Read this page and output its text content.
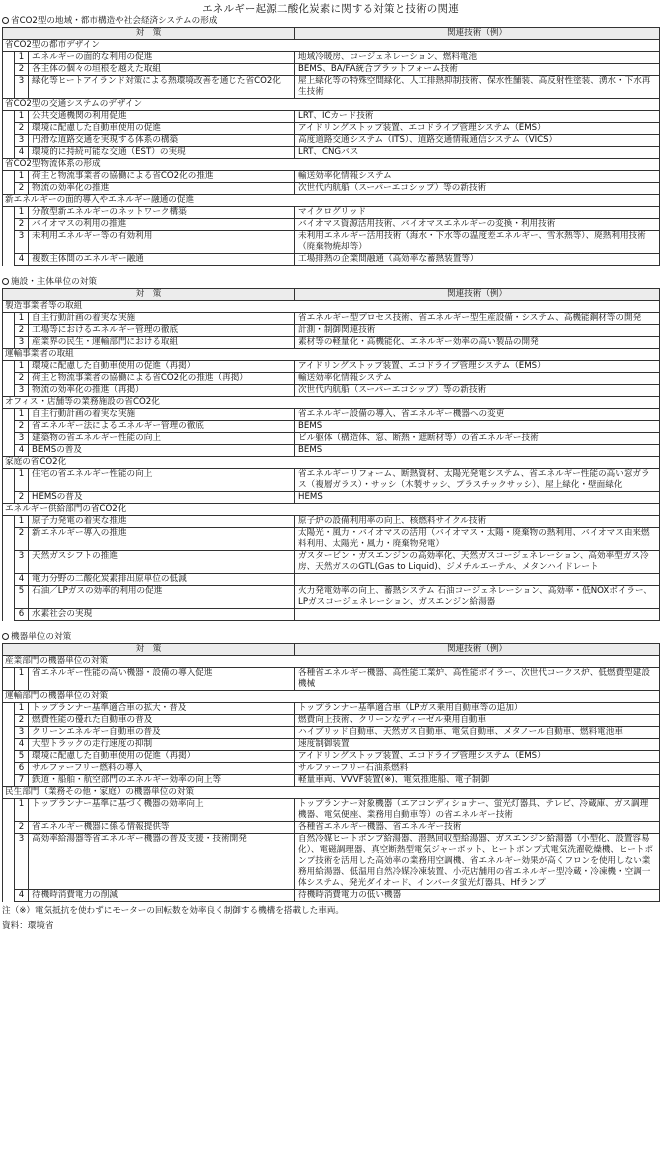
エネルギー起源二酸化炭素に関する対策と技術の関連
省CO2型の地域・都市構造や社会経済システムの形成
対　策			関連技術（例）
省CO2型の都市デザイン			
	1	エネルギーの面的な利用の促進	地域冷暖房、コージェネレーション、燃料電池
	2	各主体の個々の垣根を越えた取組	BEMS、BA/FA統合プラットフォーム技術
	3	緑化等ヒートアイランド対策による熱環境改善を通じた省CO2化	屋上緑化等の特殊空間緑化、人工排熱抑制技術、保水性舗装、高反射性塗装、湧水・下水再生技術
省CO2型の交通システムのデザイン			
	1	公共交通機関の利用促進	LRT、ICカード技術
	2	環境に配慮した自動車使用の促進	アイドリングストップ装置、エコドライブ管理システム（EMS）
	3	円滑な道路交通を実現する体系の構築	高度道路交通システム（ITS）、道路交通情報通信システム（VICS）
	4	環境的に持続可能な交通（EST）の実現	LRT、CNGバス
省CO2型物流体系の形成			
	1	荷主と物流事業者の協働による省CO2化の推進	輸送効率化情報システム
	2	物流の効率化の推進	次世代内航船（スーパーエコシップ）等の新技術
新エネルギーの面的導入やエネルギー融通の促進			
	1	分散型新エネルギーのネットワーク構築	マイクログリッド
	2	バイオマスの利用の推進	バイオマス資源活用技術、バイオマスエネルギーの変換・利用技術
	3	未利用エネルギー等の有効利用	未利用エネルギー活用技術（海水・下水等の温度差エネルギー、雪氷熱等）、廃熱利用技術（廃棄物焼却等）
	4	複数主体間のエネルギー融通	工場排熱の企業間融通（高効率な蓄熱装置等）
施設・主体単位の対策
対　策			関連技術（例）
製造事業者等の取組			
	1	自主行動計画の着実な実施	省エネルギー型プロセス技術、省エネルギー型生産設備・システム、高機能鋼材等の開発
	2	工場等におけるエネルギー管理の徹底	計測・制御関連技術
	3	産業界の民生・運輸部門における取組	素材等の軽量化・高機能化、エネルギー効率の高い製品の開発
運輸事業者の取組			
	1	環境に配慮した自動車使用の促進（再掲）	アイドリングストップ装置、エコドライブ管理システム（EMS）
	2	荷主と物流事業者の協働による省CO2化の推進（再掲）	輸送効率化情報システム
	3	物流の効率化の推進（再掲）	次世代内航船（スーパーエコシップ）等の新技術
オフィス・店舗等の業務施設の省CO2化			
	1	自主行動計画の着実な実施	省エネルギー設備の導入、省エネルギー機器への変更
	2	省エネルギー法によるエネルギー管理の徹底	BEMS
	3	建築物の省エネルギー性能の向上	ビル躯体（構造体、窓、断熱・遮断材等）の省エネルギー技術
	4	BEMSの普及	BEMS
家庭の省CO2化			
	1	住宅の省エネルギー性能の向上	省エネルギーリフォーム、断熱資材、太陽光発電システム、省エネルギー性能の高い窓ガラス（複層ガラス）・サッシ（木製サッシ、プラスチックサッシ）、屋上緑化・壁面緑化
	2	HEMSの普及	HEMS
エネルギー供給部門の省CO2化			
	1	原子力発電の着実な推進	原子炉の設備利用率の向上、核燃料サイクル技術
	2	新エネルギー導入の推進	太陽光・風力・バイオマスの活用（バイオマス・太陽・廃棄物の熱利用、バイオマス由来燃料利用、太陽光・風力・廃棄物発電）
	3	天然ガスシフトの推進	ガスタービン・ガスエンジンの高効率化、天然ガスコージェネレーション、高効率型ガス冷房、天然ガスのGTL(Gas to Liquid)、ジメチルエーテル、メタンハイドレート
	4	電力分野の二酸化炭素排出原単位の低減	
	5	石油／LPガスの効率的利用の促進	火力発電効率の向上、蓄熱システム 石油コージェネレーション、高効率・低NOXボイラー、LPガスコージェネレーション、ガスエンジン給湯器
	6	水素社会の実現	
機器単位の対策
対　策			関連技術（例）
産業部門の機器単位の対策			
	1	省エネルギー性能の高い機器・設備の導入促進	各種省エネルギー機器、高性能工業炉、高性能ボイラー、次世代コークス炉、低燃費型建設機械
運輸部門の機器単位の対策			
	1	トップランナー基準適合車の拡大・普及	トップランナー基準適合車（LPガス乗用自動車等の追加）
	2	燃費性能の優れた自動車の普及	燃費向上技術、クリーンなディーゼル乗用自動車
	3	クリーンエネルギー自動車の普及	ハイブリッド自動車、天然ガス自動車、電気自動車、メタノール自動車、燃料電池車
	4	大型トラックの走行速度の抑制	速度制御装置
	5	環境に配慮した自動車使用の促進（再掲）	アイドリングストップ装置、エコドライブ管理システム（EMS）
	6	サルファーフリー燃料の導入	サルファーフリー石油系燃料
	7	鉄道・船舶・航空部門のエネルギー効率の向上等	軽量車両、VVVF装置(※)、電気推進船、電子制御
民生部門（業務その他・家庭）の機器単位の対策			
	1	トップランナー基準に基づく機器の効率向上	トップランナー対象機器（エアコンディショナー、蛍光灯器具、テレビ、冷蔵庫、ガス調理機器、電気便座、業務用自動車等）の省エネルギー技術
	2	省エネルギー機器に係る情報提供等	各種省エネルギー機器、省エネルギー技術
	3	高効率給湯器等省エネルギー機器の普及支援・技術開発	自然冷媒ヒートポンプ給湯器、潜熱回収型給湯器、ガスエンジン給湯器（小型化、設置容易化）、電磁調理器、真空断熱型電気ジャーポット、ヒートポンプ式電気洗濯乾燥機、ヒートポンプ技術を活用した高効率の業務用空調機、省エネルギー効果が高くフロンを使用しない業務用給湯器、低温用自然冷媒冷凍装置、小売店舗用の省エネルギー型冷蔵・冷凍機・空調一体システム、発光ダイオード、インバータ蛍光灯器具、Hfランプ
	4	待機時消費電力の削減	待機時消費電力の低い機器
注（※）電気抵抗を使わずにモーターの回転数を効率良く制御する機構を搭載した車両。
資料：環境省
